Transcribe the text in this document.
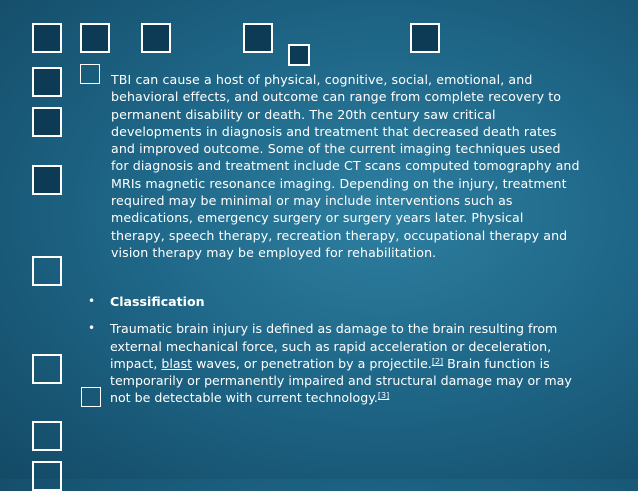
TBI can cause a host of physical, cognitive, social, emotional, and behavioral effects, and outcome can range from complete recovery to permanent disability or death. The 20th century saw critical developments in diagnosis and treatment that decreased death rates and improved outcome. Some of the current imaging techniques used for diagnosis and treatment include CT scans computed tomography and MRIs magnetic resonance imaging. Depending on the injury, treatment required may be minimal or may include interventions such as medications, emergency surgery or surgery years later. Physical therapy, speech therapy, recreation therapy, occupational therapy and vision therapy may be employed for rehabilitation.

• Classification
• Traumatic brain injury is defined as damage to the brain resulting from external mechanical force, such as rapid acceleration or deceleration, impact, blast waves, or penetration by a projectile.[2] Brain function is temporarily or permanently impaired and structural damage may or may not be detectable with current technology.[3]
